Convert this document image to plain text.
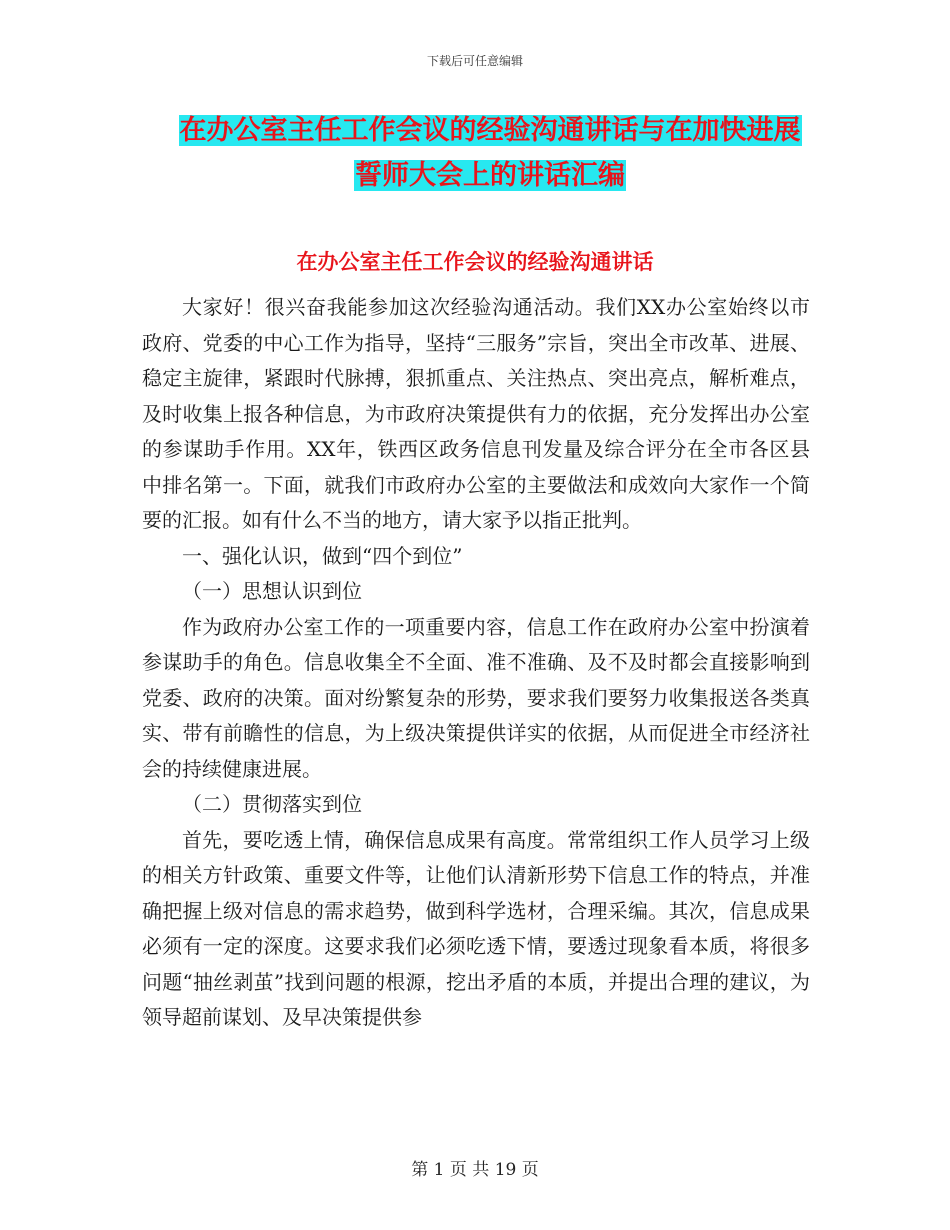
下载后可任意编辑
在办公室主任工作会议的经验沟通讲话与在加快进展
誓师大会上的讲话汇编
在办公室主任工作会议的经验沟通讲话

大家好！很兴奋我能参加这次经验沟通活动。我们XX办公室始终以市政府、党委的中心工作为指导，坚持“三服务”宗旨，突出全市改革、进展、稳定主旋律，紧跟时代脉搏，狠抓重点、关注热点、突出亮点，解析难点，及时收集上报各种信息，为市政府决策提供有力的依据，充分发挥出办公室的参谋助手作用。XX年，铁西区政务信息刊发量及综合评分在全市各区县中排名第一。下面，就我们市政府办公室的主要做法和成效向大家作一个简要的汇报。如有什么不当的地方，请大家予以指正批判。

一、强化认识，做到“四个到位”

（一）思想认识到位

作为政府办公室工作的一项重要内容，信息工作在政府办公室中扮演着参谋助手的角色。信息收集全不全面、准不准确、及不及时都会直接影响到党委、政府的决策。面对纷繁复杂的形势，要求我们要努力收集报送各类真实、带有前瞻性的信息，为上级决策提供详实的依据，从而促进全市经济社会的持续健康进展。

（二）贯彻落实到位

首先，要吃透上情，确保信息成果有高度。常常组织工作人员学习上级的相关方针政策、重要文件等，让他们认清新形势下信息工作的特点，并准确把握上级对信息的需求趋势，做到科学选材，合理采编。其次，信息成果必须有一定的深度。这要求我们必须吃透下情，要透过现象看本质，将很多问题“抽丝剥茧”找到问题的根源，挖出矛盾的本质，并提出合理的建议，为领导超前谋划、及早决策提供参

第 1 页 共 19 页
